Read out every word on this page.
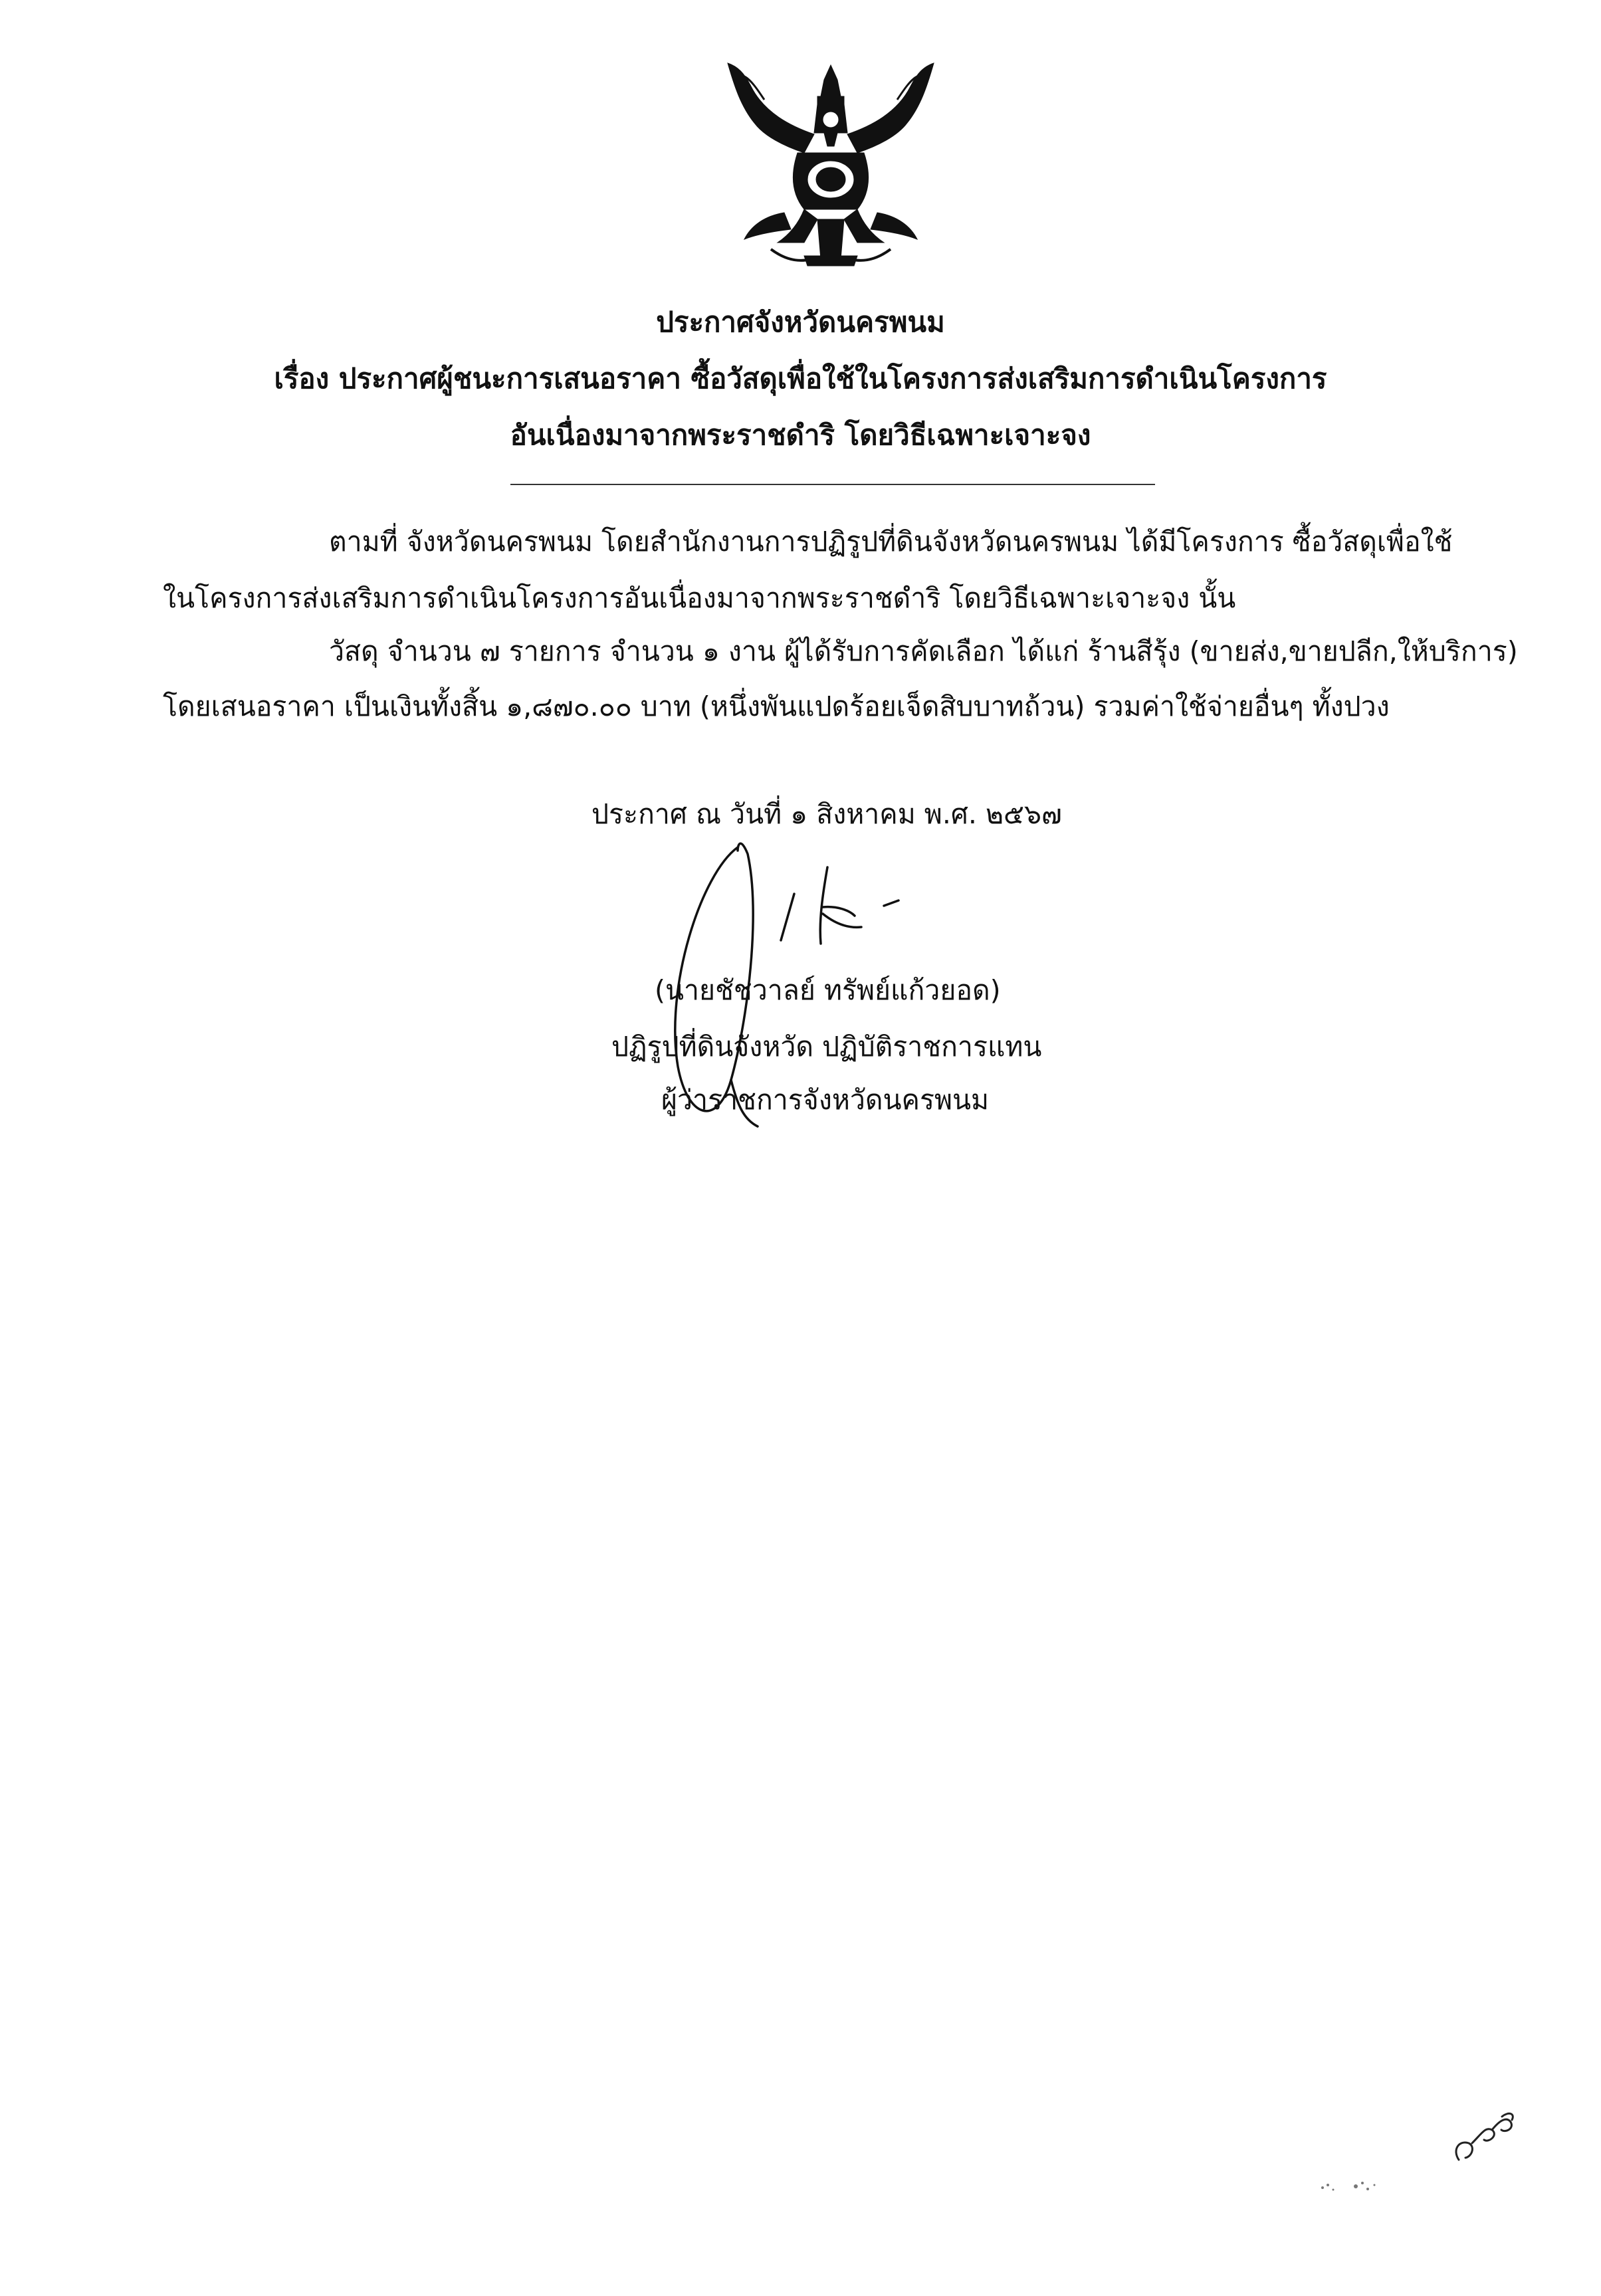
ประกาศจังหวัดนครพนม
เรื่อง ประกาศผู้ชนะการเสนอราคา ซื้อวัสดุเพื่อใช้ในโครงการส่งเสริมการดำเนินโครงการ
อันเนื่องมาจากพระราชดำริ โดยวิธีเฉพาะเจาะจง
ตามที่ จังหวัดนครพนม โดยสำนักงานการปฏิรูปที่ดินจังหวัดนครพนม ได้มีโครงการ ซื้อวัสดุเพื่อใช้
ในโครงการส่งเสริมการดำเนินโครงการอันเนื่องมาจากพระราชดำริ โดยวิธีเฉพาะเจาะจง นั้น
วัสดุ จำนวน ๗ รายการ จำนวน ๑ งาน ผู้ได้รับการคัดเลือก ได้แก่ ร้านสีรุ้ง (ขายส่ง,ขายปลีก,ให้บริการ)
โดยเสนอราคา เป็นเงินทั้งสิ้น ๑,๘๗๐.๐๐ บาท (หนึ่งพันแปดร้อยเจ็ดสิบบาทถ้วน) รวมค่าใช้จ่ายอื่นๆ ทั้งปวง
ประกาศ ณ วันที่ ๑ สิงหาคม พ.ศ. ๒๕๖๗
(นายชัชวาลย์ ทรัพย์แก้วยอด)
ปฏิรูปที่ดินจังหวัด ปฏิบัติราชการแทน
ผู้ว่าราชการจังหวัดนครพนม
